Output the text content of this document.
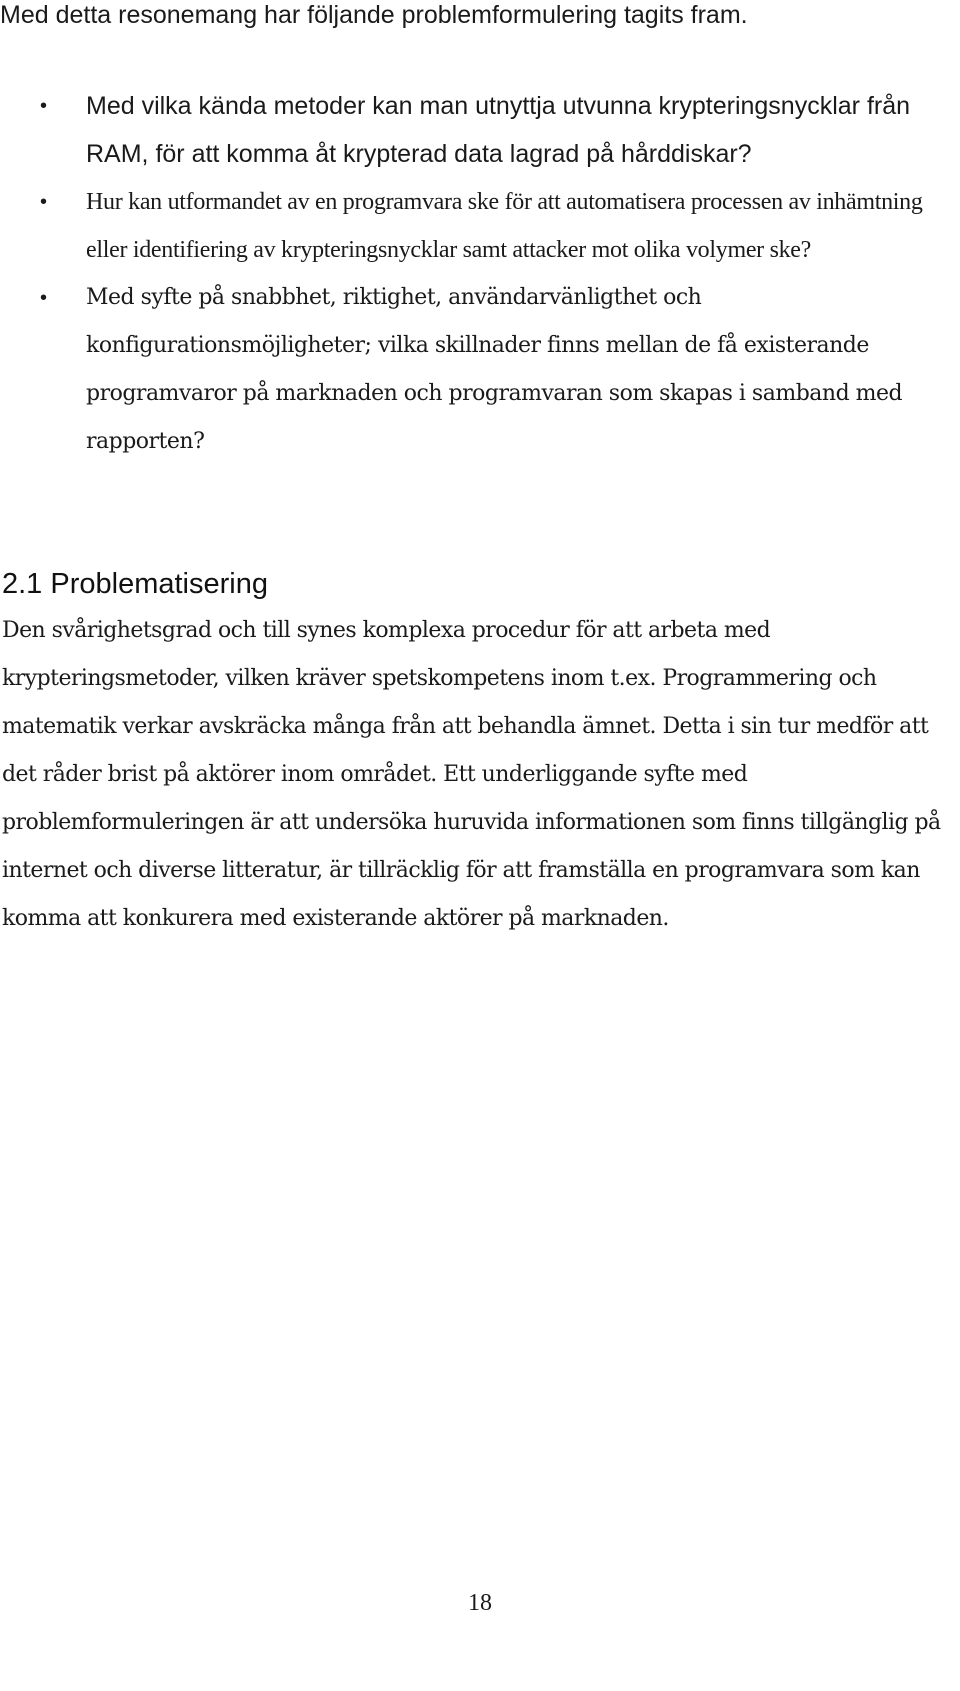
Med detta resonemang har följande problemformulering tagits fram.
• Med vilka kända metoder kan man utnyttja utvunna krypteringsnycklar från RAM, för att komma åt krypterad data lagrad på hårddiskar?
• Hur kan utformandet av en programvara ske för att automatisera processen av inhämtning eller identifiering av krypteringsnycklar samt attacker mot olika volymer ske?
• Med syfte på snabbhet, riktighet, användarvänligthet och konfigurationsmöjligheter; vilka skillnader finns mellan de få existerande programvaror på marknaden och programvaran som skapas i samband med rapporten?
2.1 Problematisering
Den svårighetsgrad och till synes komplexa procedur för att arbeta med krypteringsmetoder, vilken kräver spetskompetens inom t.ex. Programmering och matematik verkar avskräcka många från att behandla ämnet. Detta i sin tur medför att det råder brist på aktörer inom området. Ett underliggande syfte med problemformuleringen är att undersöka huruvida informationen som finns tillgänglig på internet och diverse litteratur, är tillräcklig för att framställa en programvara som kan komma att konkurera med existerande aktörer på marknaden.
18
